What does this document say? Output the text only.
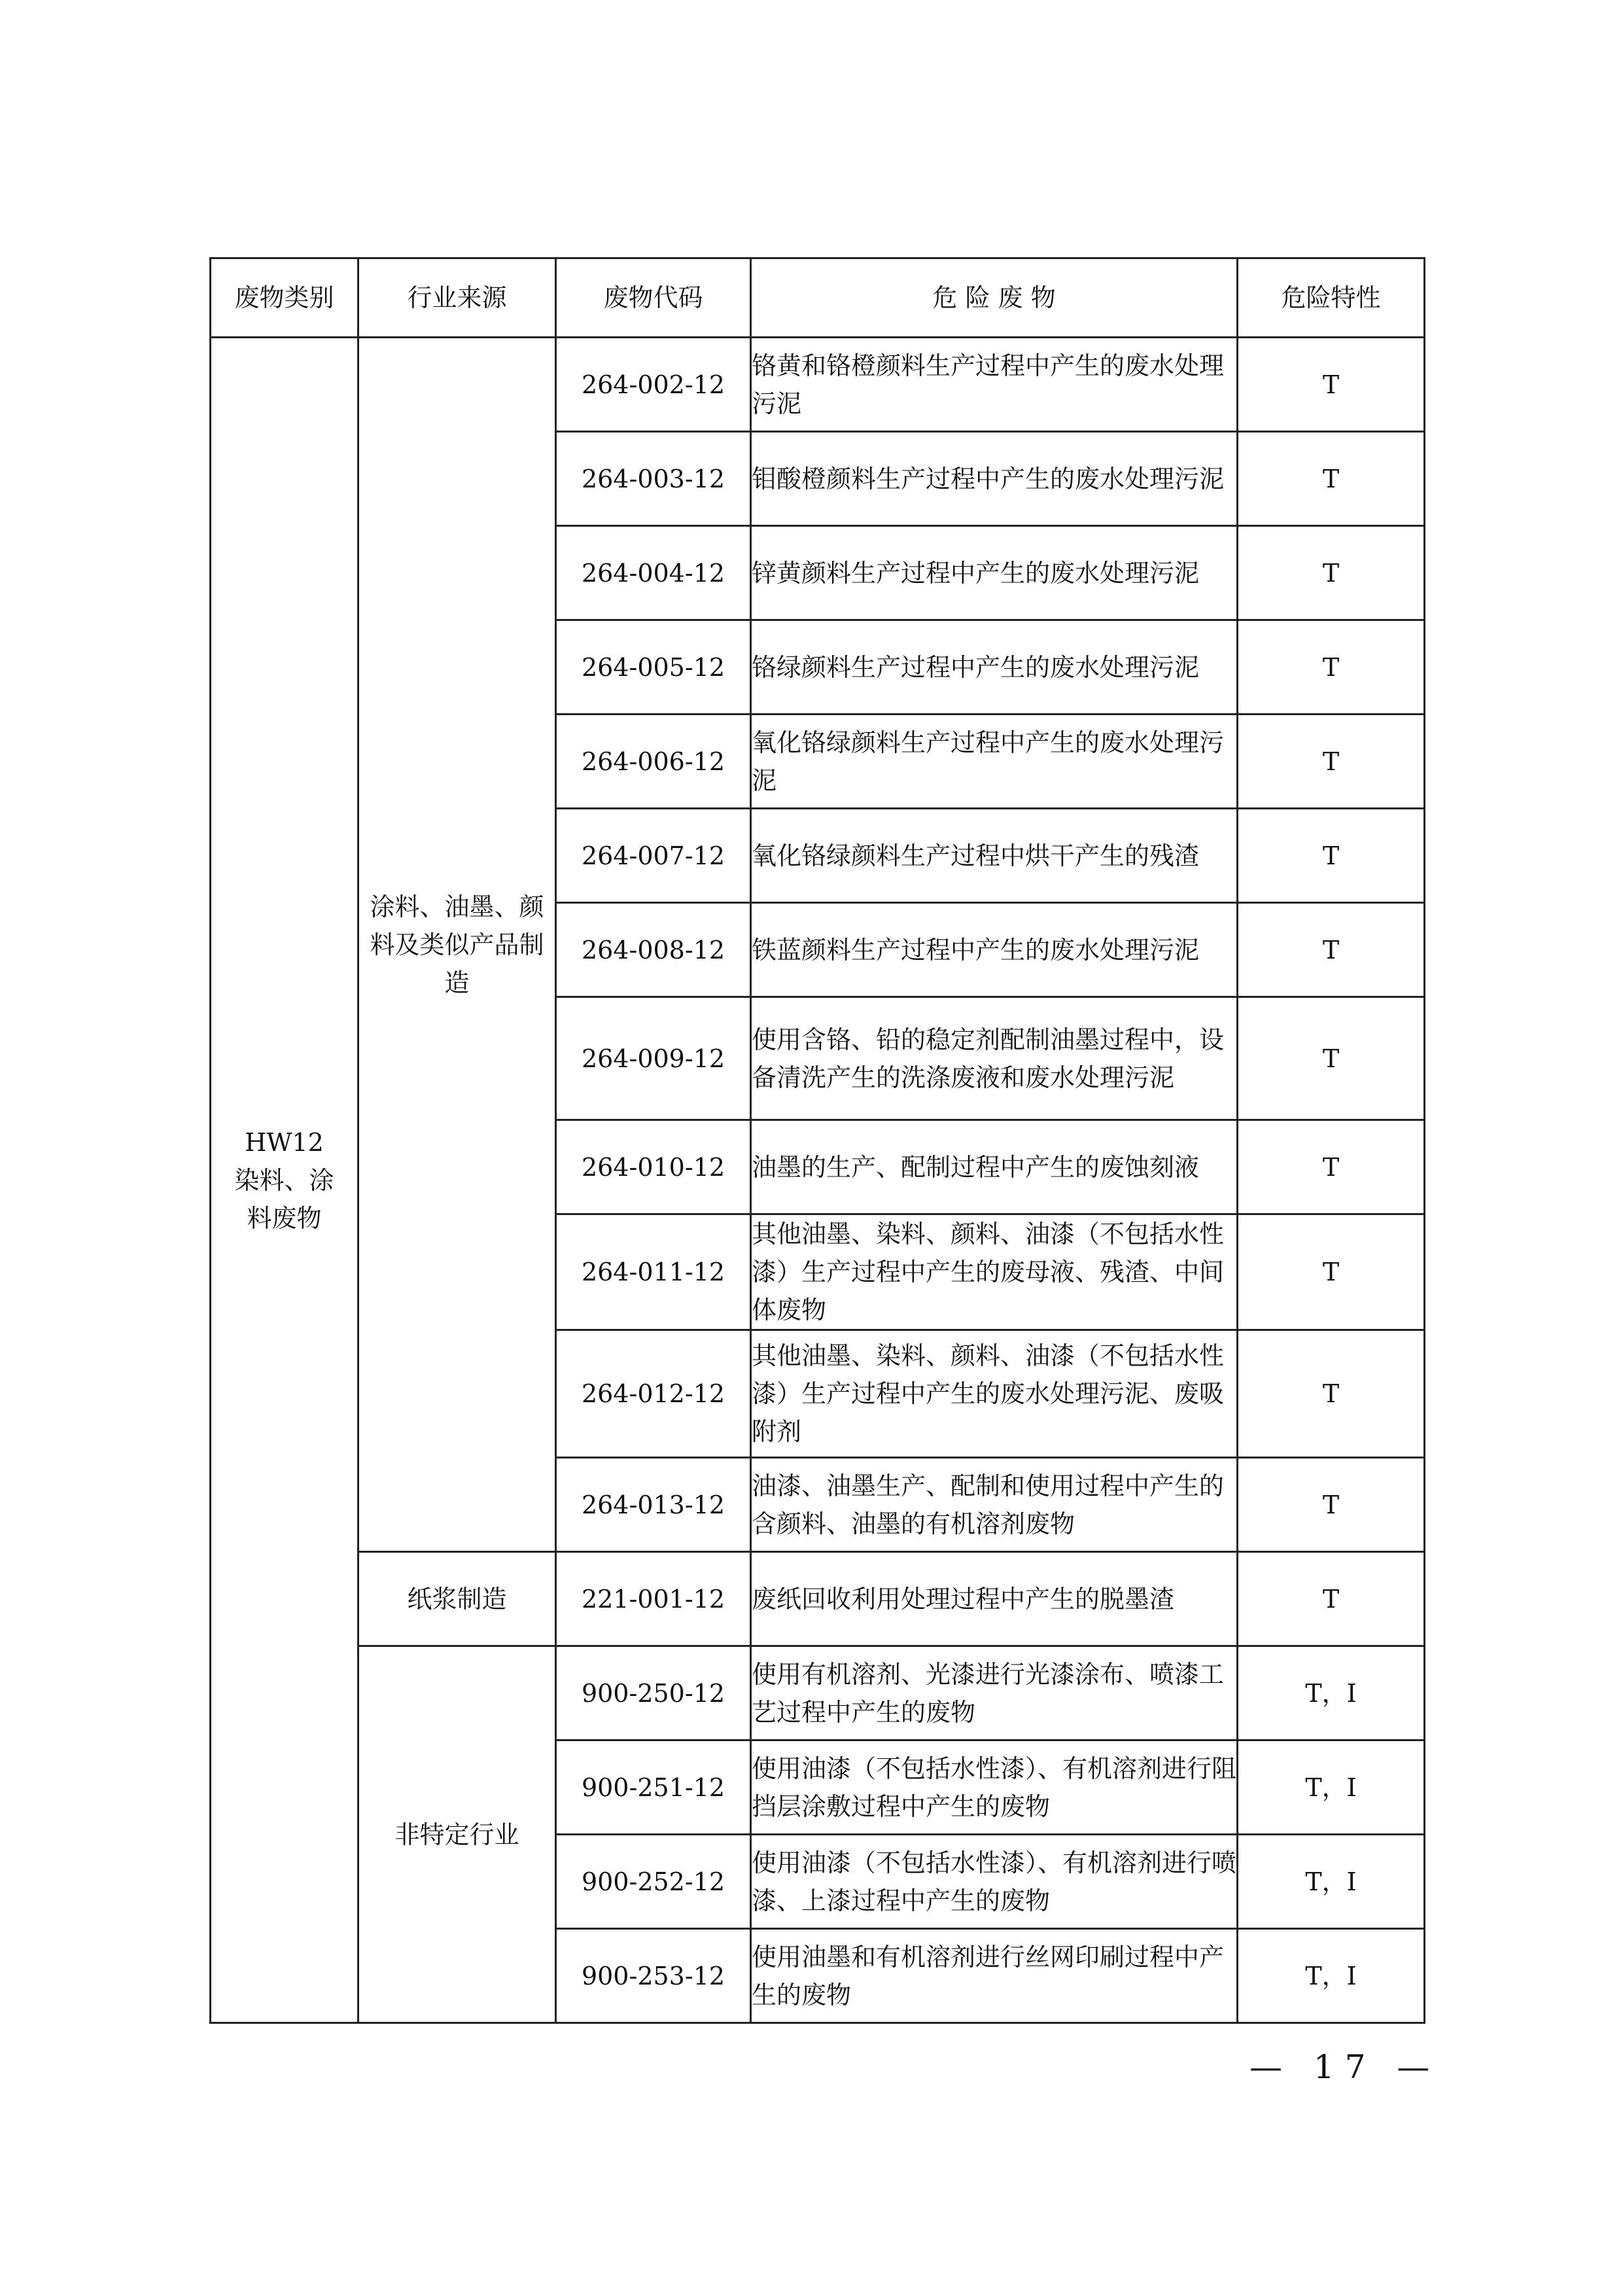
废物类别	行业来源	废物代码	危 险 废 物	危险特性

HW12
染料、涂料废物	涂料、油墨、颜料及类似产品制造	264-002-12	铬黄和铬橙颜料生产过程中产生的废水处理污泥	T
		264-003-12	钼酸橙颜料生产过程中产生的废水处理污泥	T
		264-004-12	锌黄颜料生产过程中产生的废水处理污泥	T
		264-005-12	铬绿颜料生产过程中产生的废水处理污泥	T
		264-006-12	氧化铬绿颜料生产过程中产生的废水处理污泥	T
		264-007-12	氧化铬绿颜料生产过程中烘干产生的残渣	T
		264-008-12	铁蓝颜料生产过程中产生的废水处理污泥	T
		264-009-12	使用含铬、铅的稳定剂配制油墨过程中，设备清洗产生的洗涤废液和废水处理污泥	T
		264-010-12	油墨的生产、配制过程中产生的废蚀刻液	T
		264-011-12	其他油墨、染料、颜料、油漆（不包括水性漆）生产过程中产生的废母液、残渣、中间体废物	T
		264-012-12	其他油墨、染料、颜料、油漆（不包括水性漆）生产过程中产生的废水处理污泥、废吸附剂	T
		264-013-12	油漆、油墨生产、配制和使用过程中产生的含颜料、油墨的有机溶剂废物	T
	纸浆制造	221-001-12	废纸回收利用处理过程中产生的脱墨渣	T
	非特定行业	900-250-12	使用有机溶剂、光漆进行光漆涂布、喷漆工艺过程中产生的废物	T，I
		900-251-12	使用油漆（不包括水性漆）、有机溶剂进行阻挡层涂敷过程中产生的废物	T，I
		900-252-12	使用油漆（不包括水性漆）、有机溶剂进行喷漆、上漆过程中产生的废物	T，I
		900-253-12	使用油墨和有机溶剂进行丝网印刷过程中产生的废物	T，I
— 17 —
